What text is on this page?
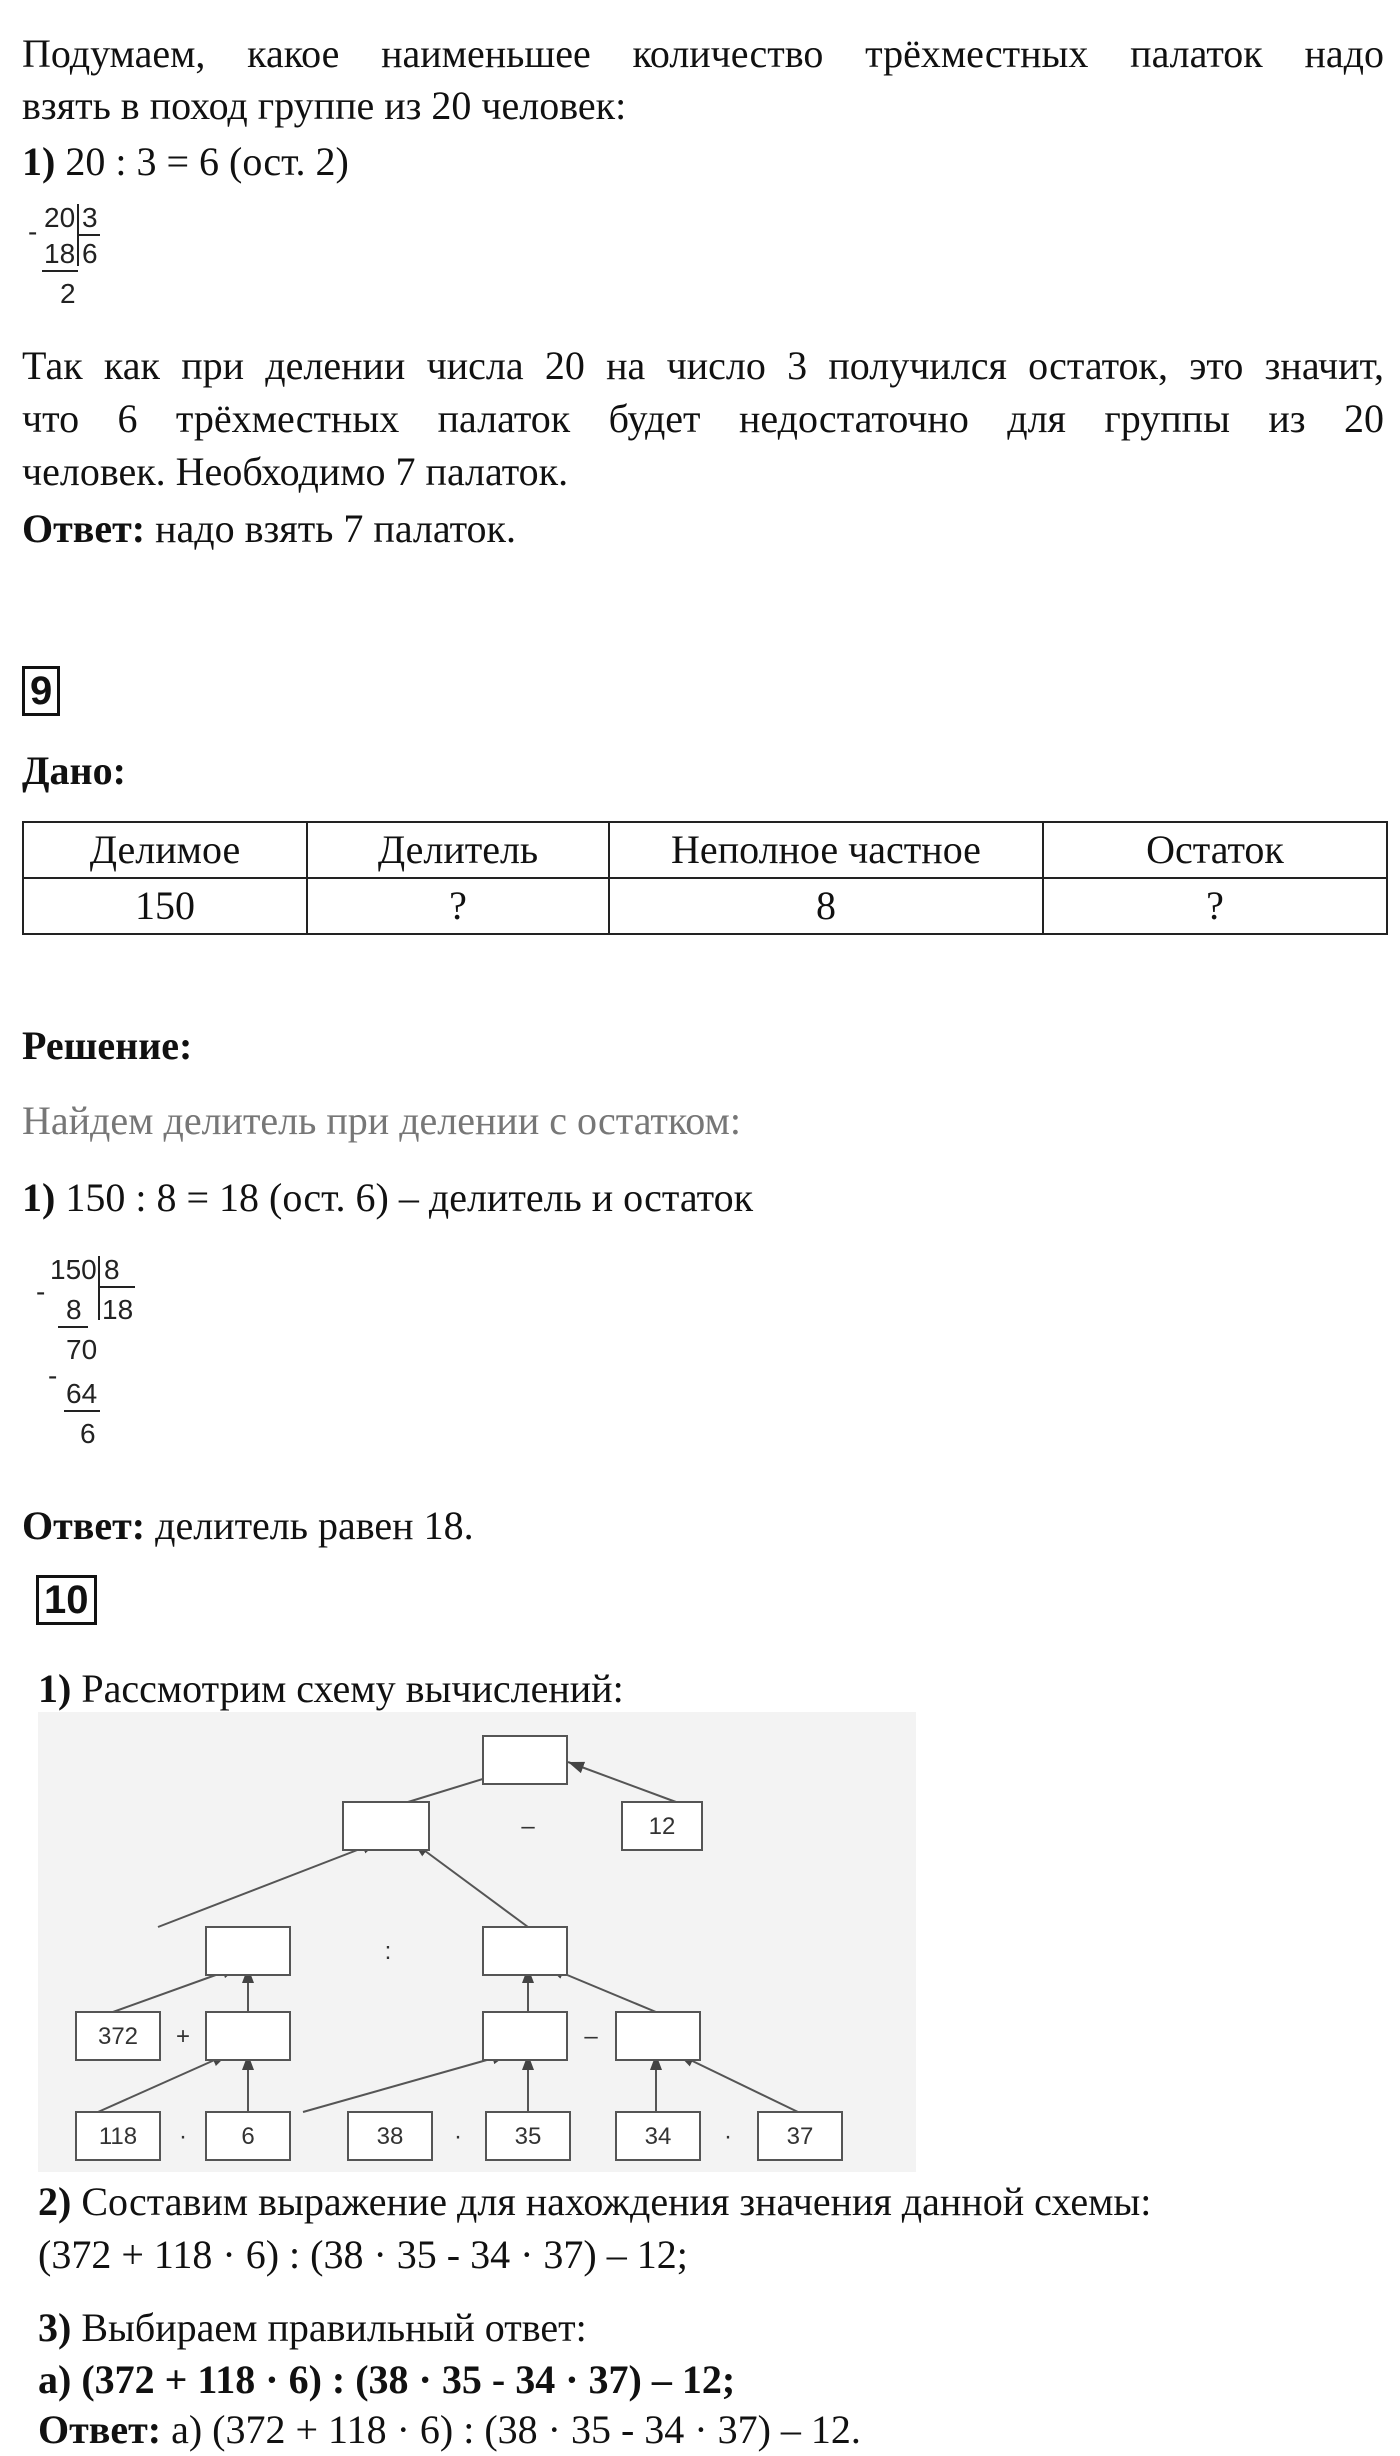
Подумаем, какое наименьшее количество трёхместных палаток надо
взять в поход группе из 20 человек:
1) 20 : 3 = 6 (ост. 2)
- 20 3
18 6
2
Так как при делении числа 20 на число 3 получился остаток, это значит,
что 6 трёхместных палаток будет недостаточно для группы из 20
человек. Необходимо 7 палаток.
Ответ: надо взять 7 палаток.
9
Дано:
Делимое	Делитель	Неполное частное	Остаток
150	?	8	?
Решение:
Найдем делитель при делении с остатком:
1) 150 : 8 = 18 (ост. 6) – делитель и остаток
-
150 8
8 18
70
-
64
6
Ответ: делитель равен 18.
10
1) Рассмотрим схему вычислений:
12
372
118	6	38	35	34	37
+
·	·	·
–
–
:
2) Составим выражение для нахождения значения данной схемы:
(372 + 118 · 6) : (38 · 35 - 34 · 37) – 12;
3) Выбираем правильный ответ:
а) (372 + 118 · 6) : (38 · 35 - 34 · 37) – 12;
Ответ: а) (372 + 118 · 6) : (38 · 35 - 34 · 37) – 12.
